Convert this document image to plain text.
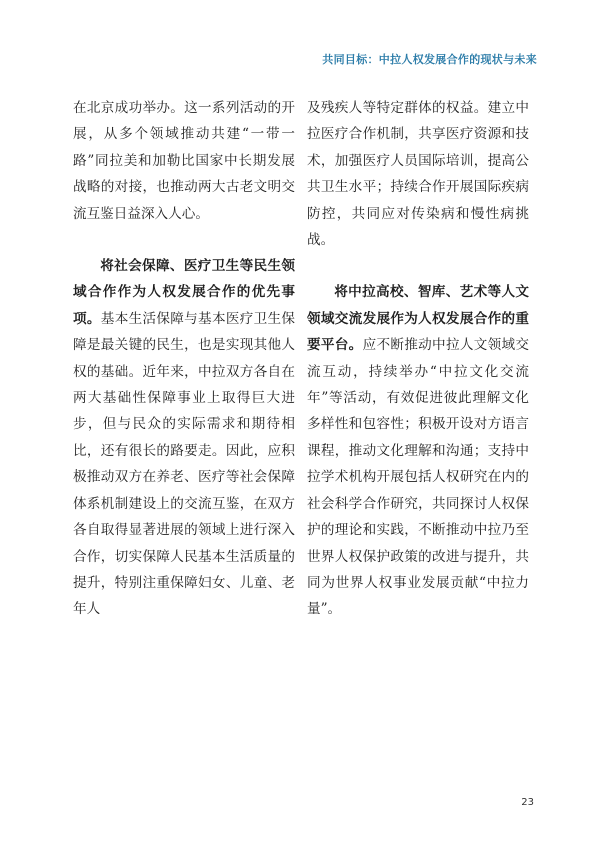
共同目标：中拉人权发展合作的现状与未来

在北京成功举办。这一系列活动的开展，从多个领域推动共建“一带一路”同拉美和加勒比国家中长期发展战略的对接，也推动两大古老文明交流互鉴日益深入人心。

将社会保障、医疗卫生等民生领域合作作为人权发展合作的优先事项。基本生活保障与基本医疗卫生保障是最关键的民生，也是实现其他人权的基础。近年来，中拉双方各自在两大基础性保障事业上取得巨大进步，但与民众的实际需求和期待相比，还有很长的路要走。因此，应积极推动双方在养老、医疗等社会保障体系机制建设上的交流互鉴，在双方各自取得显著进展的领域上进行深入合作，切实保障人民基本生活质量的提升，特别注重保障妇女、儿童、老年人

及残疾人等特定群体的权益。建立中拉医疗合作机制，共享医疗资源和技术，加强医疗人员国际培训，提高公共卫生水平；持续合作开展国际疾病防控，共同应对传染病和慢性病挑战。

将中拉高校、智库、艺术等人文领域交流发展作为人权发展合作的重要平台。应不断推动中拉人文领域交流互动，持续举办“中拉文化交流年”等活动，有效促进彼此理解文化多样性和包容性；积极开设对方语言课程，推动文化理解和沟通；支持中拉学术机构开展包括人权研究在内的社会科学合作研究，共同探讨人权保护的理论和实践，不断推动中拉乃至世界人权保护政策的改进与提升，共同为世界人权事业发展贡献“中拉力量”。

23
